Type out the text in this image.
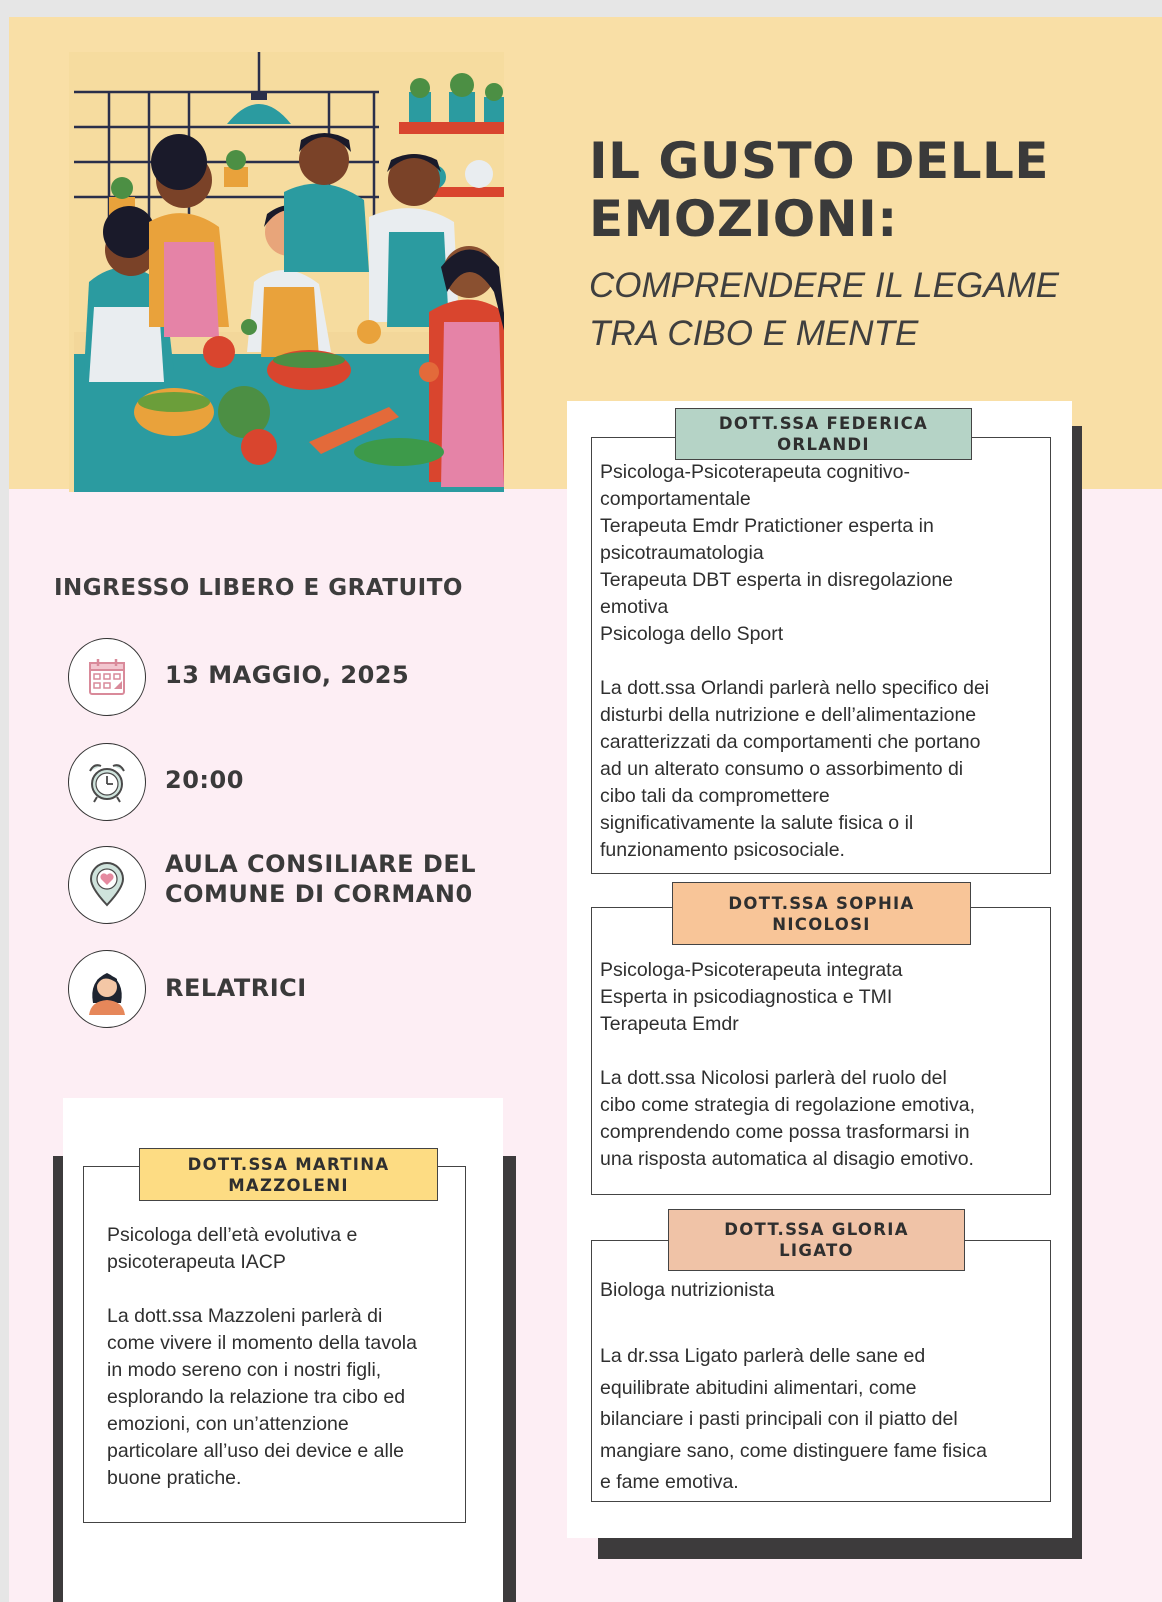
IL GUSTO DELLE
EMOZIONI:
COMPRENDERE IL LEGAME
TRA CIBO E MENTE
INGRESSO LIBERO E GRATUITO
13 MAGGIO, 2025
20:00
AULA CONSILIARE DEL
COMUNE DI CORMAN0
RELATRICI
DOTT.SSA FEDERICA
ORLANDI
Psicologa-Psicoterapeuta cognitivo-
comportamentale
Terapeuta Emdr Pratictioner esperta in
psicotraumatologia
Terapeuta DBT esperta in disregolazione
emotiva
Psicologa dello Sport
La dott.ssa Orlandi parlerà nello specifico dei
disturbi della nutrizione e dell’alimentazione
caratterizzati da comportamenti che portano
ad un alterato consumo o assorbimento di
cibo tali da compromettere
significativamente la salute fisica o il
funzionamento psicosociale.
DOTT.SSA SOPHIA
NICOLOSI
Psicologa-Psicoterapeuta integrata
Esperta in psicodiagnostica e TMI
Terapeuta Emdr
La dott.ssa Nicolosi parlerà del ruolo del
cibo come strategia di regolazione emotiva,
comprendendo come possa trasformarsi in
una risposta automatica al disagio emotivo.
DOTT.SSA GLORIA
LIGATO
Biologa nutrizionista
La dr.ssa Ligato parlerà delle sane ed
equilibrate abitudini alimentari, come
bilanciare i pasti principali con il piatto del
mangiare sano, come distinguere fame fisica
e fame emotiva.
DOTT.SSA MARTINA
MAZZOLENI
Psicologa dell’età evolutiva e
psicoterapeuta IACP
La dott.ssa Mazzoleni parlerà di
come vivere il momento della tavola
in modo sereno con i nostri figli,
esplorando la relazione tra cibo ed
emozioni, con un’attenzione
particolare all’uso dei device e alle
buone pratiche.
